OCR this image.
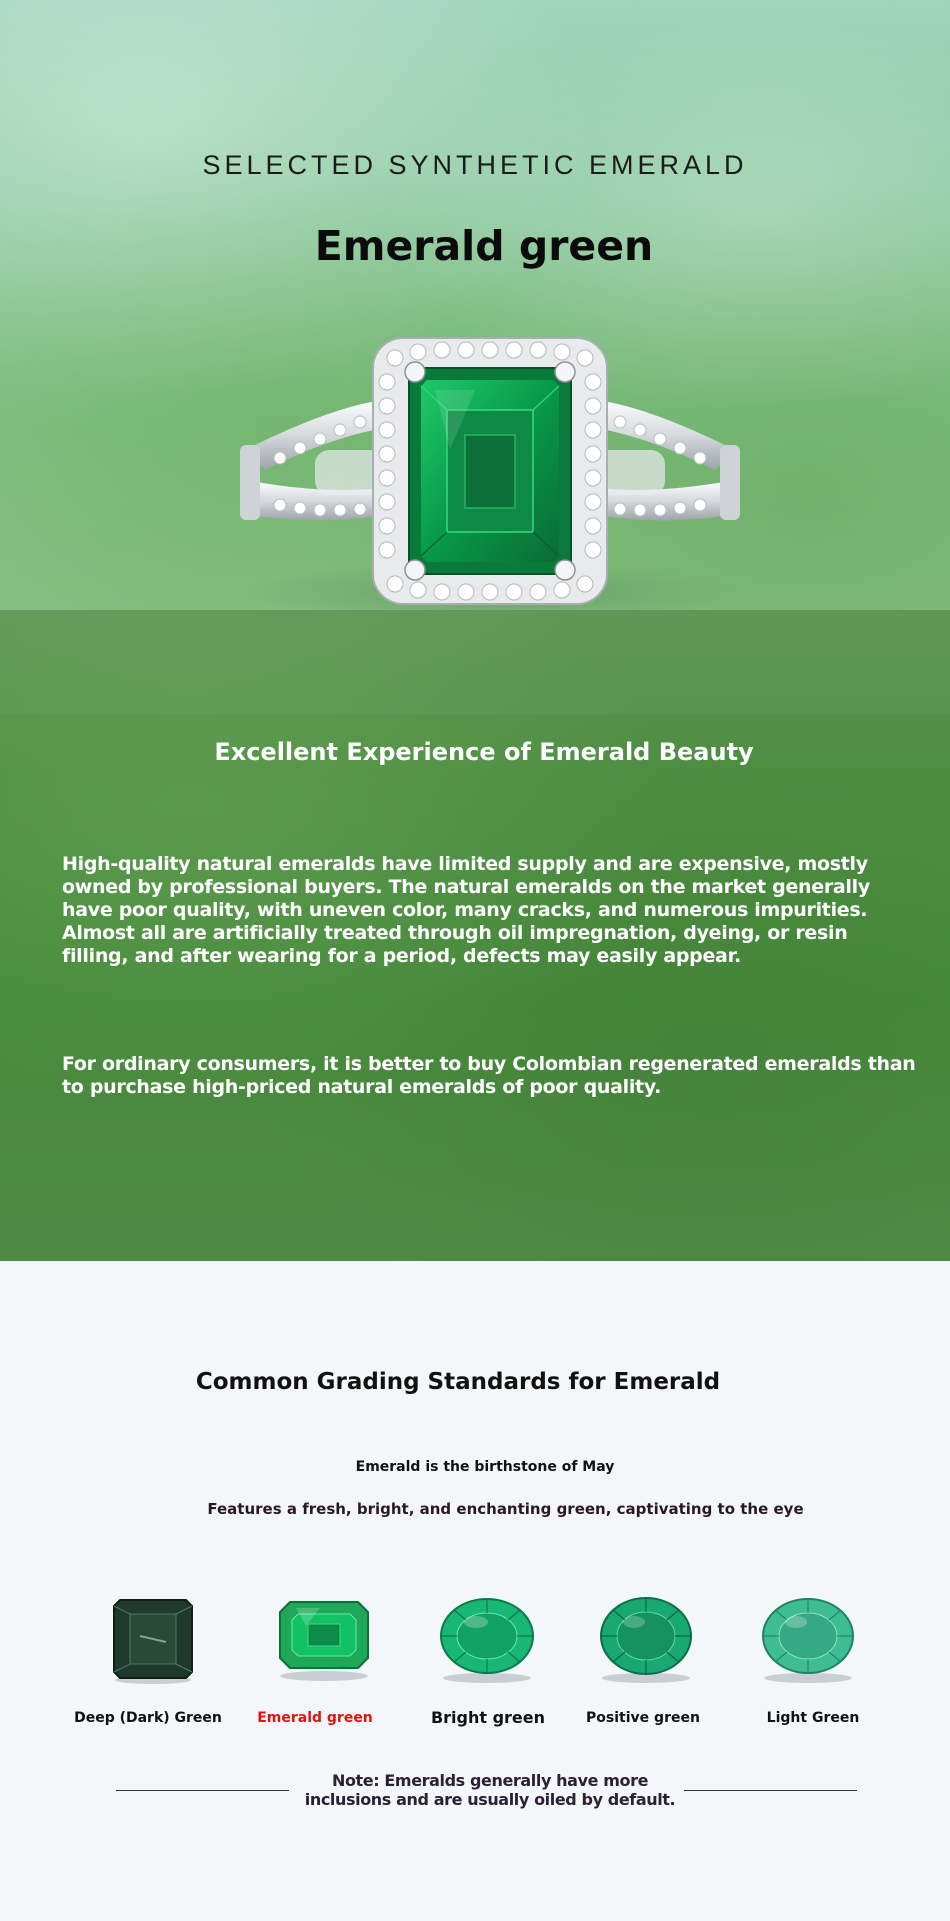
SELECTED SYNTHETIC EMERALD
Emerald green
Excellent Experience of Emerald Beauty

High-quality natural emeralds have limited supply and are expensive, mostly owned by professional buyers. The natural emeralds on the market generally have poor quality, with uneven color, many cracks, and numerous impurities. Almost all are artificially treated through oil impregnation, dyeing, or resin filling, and after wearing for a period, defects may easily appear.

For ordinary consumers, it is better to buy Colombian regenerated emeralds than to purchase high-priced natural emeralds of poor quality.

Common Grading Standards for Emerald
Emerald is the birthstone of May
Features a fresh, bright, and enchanting green, captivating to the eye
Deep (Dark) Green	Emerald green	Bright green	Positive green	Light Green
Note: Emeralds generally have more inclusions and are usually oiled by default.
